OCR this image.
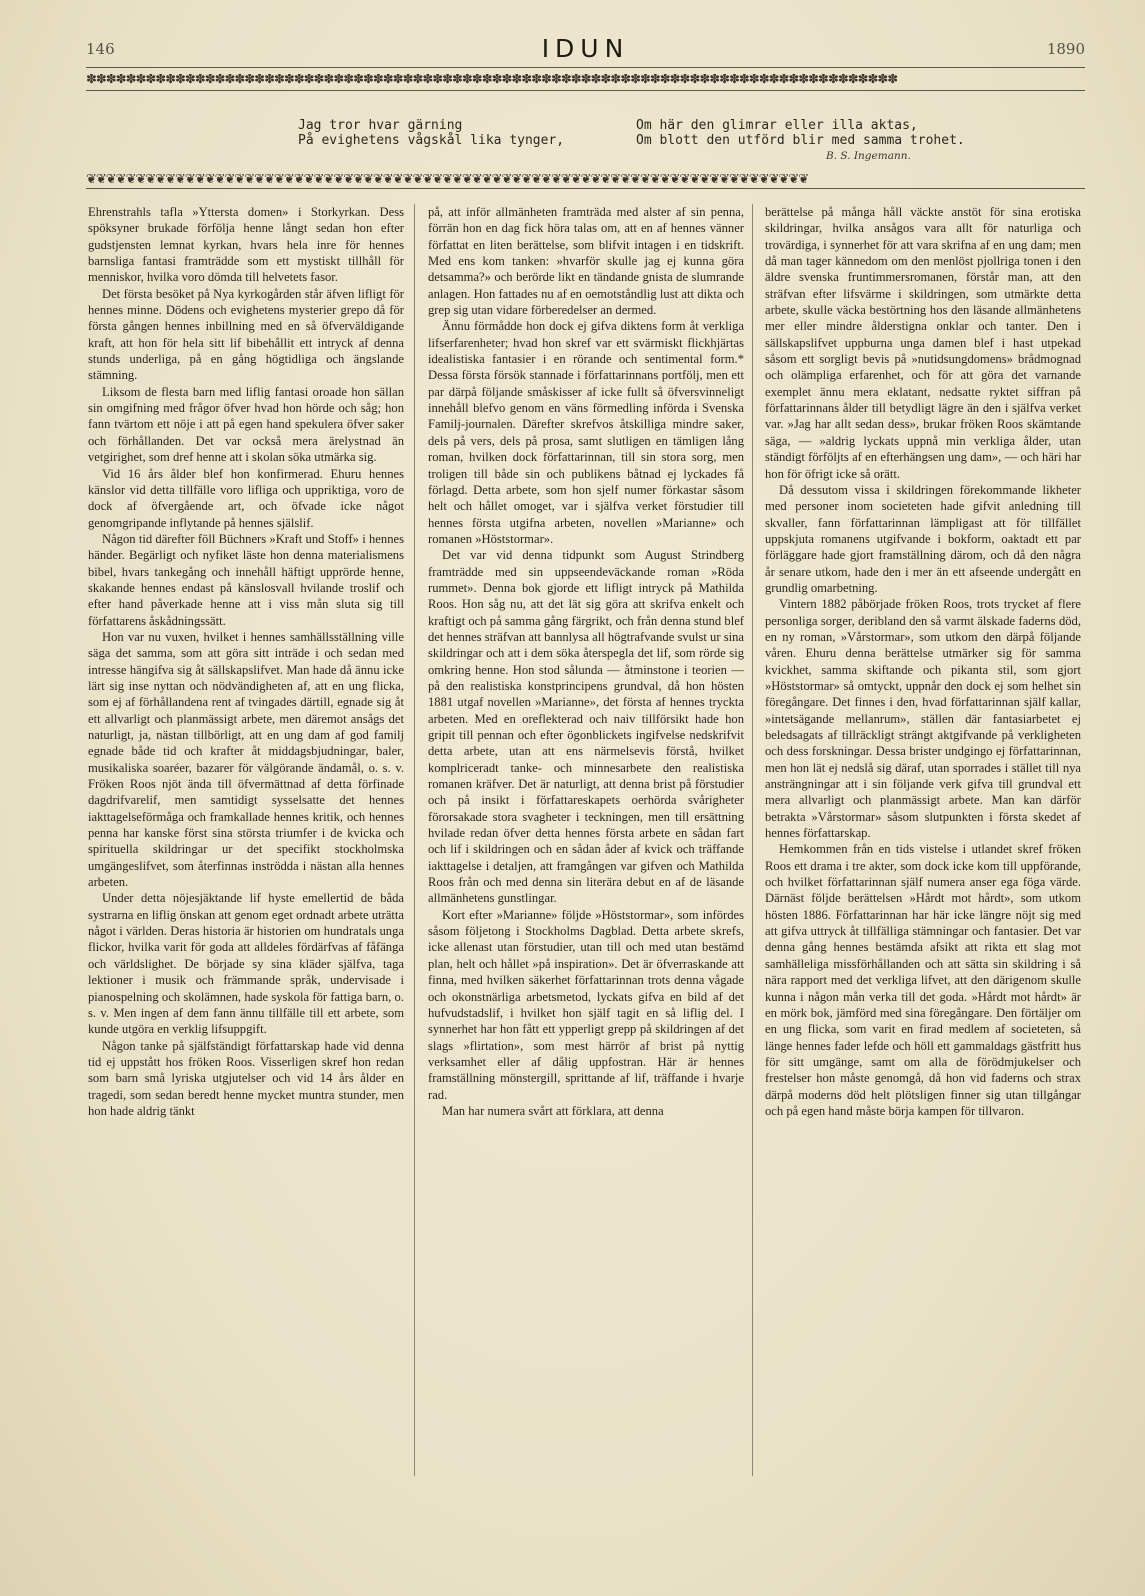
146	IDUN	1890
✽✽✽✽✽✽✽✽✽✽✽✽✽✽✽✽✽✽✽✽✽✽✽✽✽✽✽✽✽✽✽✽✽✽✽✽✽✽✽✽✽✽✽✽✽✽✽✽✽✽✽✽✽✽✽✽✽✽✽✽✽✽✽✽✽✽✽✽✽✽✽✽✽✽✽✽✽✽✽✽✽✽
Jag tror hvar gärning
På evighetens vågskål lika tynger,
Om här den glimrar eller illa aktas,
Om blott den utförd blir med samma trohet.
B. S. Ingemann.
❦❦❦❦❦❦❦❦❦❦❦❦❦❦❦❦❦❦❦❦❦❦❦❦❦❦❦❦❦❦❦❦❦❦❦❦❦❦❦❦❦❦❦❦❦❦❦❦❦❦❦❦❦❦❦❦❦❦❦❦❦❦❦❦❦❦❦❦❦❦❦❦❦

Ehrenstrahls tafla »Yttersta domen» i Storkyrkan. Dess spöksyner brukade förfölja henne långt sedan hon efter gudstjensten lemnat kyrkan, hvars hela inre för hennes barnsliga fantasi framträdde som ett mystiskt tillhåll för menniskor, hvilka voro dömda till helvetets fasor.

Det första besöket på Nya kyrkogården står äfven lifligt för hennes minne. Dödens och evighetens mysterier grepo då för första gången hennes inbillning med en så öfverväldigande kraft, att hon för hela sitt lif bibehållit ett intryck af denna stunds underliga, på en gång högtidliga och ängslande stämning.

Liksom de flesta barn med liflig fantasi oroade hon sällan sin omgifning med frågor öfver hvad hon hörde och såg; hon fann tvärtom ett nöje i att på egen hand spekulera öfver saker och förhållanden. Det var också mera ärelystnad än vetgirighet, som dref henne att i skolan söka utmärka sig.

Vid 16 års ålder blef hon konfirmerad. Ehuru hennes känslor vid detta tillfälle voro lifliga och uppriktiga, voro de dock af öfvergående art, och öfvade icke något genomgripande inflytande på hennes själslif.

Någon tid därefter föll Büchners »Kraft und Stoff» i hennes händer. Begärligt och nyfiket läste hon denna materialismens bibel, hvars tankegång och innehåll häftigt upprörde henne, skakande hennes endast på känslosvall hvilande troslif och efter hand påverkade henne att i viss mån sluta sig till författarens åskådningssätt.

Hon var nu vuxen, hvilket i hennes samhällsställning ville säga det samma, som att göra sitt inträde i och sedan med intresse hängifva sig åt sällskapslifvet. Man hade då ännu icke lärt sig inse nyttan och nödvändigheten af, att en ung flicka, som ej af förhållandena rent af tvingades därtill, egnade sig åt ett allvarligt och planmässigt arbete, men däremot ansågs det naturligt, ja, nästan tillbörligt, att en ung dam af god familj egnade både tid och krafter åt middagsbjudningar, baler, musikaliska soaréer, bazarer för välgörande ändamål, o. s. v. Fröken Roos njöt ända till öfvermättnad af detta förfinade dagdrifvarelif, men samtidigt sysselsatte det hennes iakttagelseförmåga och framkallade hennes kritik, och hennes penna har kanske först sina största triumfer i de kvicka och spirituella skildringar ur det specifikt stockholmska umgängeslifvet, som återfinnas inströdda i nästan alla hennes arbeten.

Under detta nöjesjäktande lif hyste emellertid de båda systrarna en liflig önskan att genom eget ordnadt arbete uträtta något i världen. Deras historia är historien om hundratals unga flickor, hvilka varit för goda att alldeles fördärfvas af fåfänga och världslighet. De började sy sina kläder själfva, taga lektioner i musik och främmande språk, undervisade i pianospelning och skolämnen, hade syskola för fattiga barn, o. s. v. Men ingen af dem fann ännu tillfälle till ett arbete, som kunde utgöra en verklig lifsuppgift.

Någon tanke på själfständigt författarskap hade vid denna tid ej uppstått hos fröken Roos. Visserligen skref hon redan som barn små lyriska utgjutelser och vid 14 års ålder en tragedi, som sedan beredt henne mycket muntra stunder, men hon hade aldrig tänkt

på, att inför allmänheten framträda med alster af sin penna, förrän hon en dag fick höra talas om, att en af hennes vänner författat en liten berättelse, som blifvit intagen i en tidskrift. Med ens kom tanken: »hvarför skulle jag ej kunna göra detsamma?» och berörde likt en tändande gnista de slumrande anlagen. Hon fattades nu af en oemotståndlig lust att dikta och grep sig utan vidare förberedelser an dermed.

Ännu förmådde hon dock ej gifva diktens form åt verkliga lifserfarenheter; hvad hon skref var ett svärmiskt flickhjärtas idealistiska fantasier i en rörande och sentimental form.* Dessa första försök stannade i författarinnans portfölj, men ett par därpå följande småskisser af icke fullt så öfversvinneligt innehåll blefvo genom en väns förmedling införda i Svenska Familj-journalen. Därefter skrefvos åtskilliga mindre saker, dels på vers, dels på prosa, samt slutligen en tämligen lång roman, hvilken dock författarinnan, till sin stora sorg, men troligen till både sin och publikens båtnad ej lyckades få förlagd. Detta arbete, som hon sjelf numer förkastar såsom helt och hållet omoget, var i själfva verket förstudier till hennes första utgifna arbeten, novellen »Marianne» och romanen »Höststormar».

Det var vid denna tidpunkt som August Strindberg framträdde med sin uppseendeväckande roman »Röda rummet». Denna bok gjorde ett lifligt intryck på Mathilda Roos. Hon såg nu, att det lät sig göra att skrifva enkelt och kraftigt och på samma gång färgrikt, och från denna stund blef det hennes sträfvan att bannlysa all högtrafvande svulst ur sina skildringar och att i dem söka återspegla det lif, som rörde sig omkring henne. Hon stod sålunda — åtminstone i teorien — på den realistiska konstprincipens grundval, då hon hösten 1881 utgaf novellen »Marianne», det första af hennes tryckta arbeten. Med en oreflekterad och naiv tillförsikt hade hon gripit till pennan och efter ögonblickets ingifvelse nedskrifvit detta arbete, utan att ens närmelsevis förstå, hvilket komplriceradt tanke- och minnesarbete den realistiska romanen kräfver. Det är naturligt, att denna brist på förstudier och på insikt i författareskapets oerhörda svårigheter förorsakade stora svagheter i teckningen, men till ersättning hvilade redan öfver detta hennes första arbete en sådan fart och lif i skildringen och en sådan åder af kvick och träffande iakttagelse i detaljen, att framgången var gifven och Mathilda Roos från och med denna sin literära debut en af de läsande allmänhetens gunstlingar.

Kort efter »Marianne» följde »Höststormar», som infördes såsom följetong i Stockholms Dagblad. Detta arbete skrefs, icke allenast utan förstudier, utan till och med utan bestämd plan, helt och hållet »på inspiration». Det är öfverraskande att finna, med hvilken säkerhet författarinnan trots denna vågade och okonstnärliga arbetsmetod, lyckats gifva en bild af det hufvudstadslif, i hvilket hon själf tagit en så liflig del. I synnerhet har hon fått ett ypperligt grepp på skildringen af det slags »flirtation», som mest härrör af brist på nyttig verksamhet eller af dålig uppfostran. Här är hennes framställning mönstergill, sprittande af lif, träffande i hvarje rad.

Man har numera svårt att förklara, att denna

berättelse på många håll väckte anstöt för sina erotiska skildringar, hvilka ansågos vara allt för naturliga och trovärdiga, i synnerhet för att vara skrifna af en ung dam; men då man tager kännedom om den menlöst pjollriga tonen i den äldre svenska fruntimmersromanen, förstår man, att den sträfvan efter lifsvärme i skildringen, som utmärkte detta arbete, skulle väcka bestörtning hos den läsande allmänhetens mer eller mindre ålderstigna onklar och tanter. Den i sällskapslifvet uppburna unga damen blef i hast utpekad såsom ett sorgligt bevis på »nutidsungdomens» brådmognad och olämpliga erfarenhet, och för att göra det varnande exemplet ännu mera eklatant, nedsatte ryktet siffran på författarinnans ålder till betydligt lägre än den i själfva verket var. »Jag har allt sedan dess», brukar fröken Roos skämtande säga, — »aldrig lyckats uppnå min verkliga ålder, utan ständigt förföljts af en efterhängsen ung dam», — och häri har hon för öfrigt icke så orätt.

Då dessutom vissa i skildringen förekommande likheter med personer inom societeten hade gifvit anledning till skvaller, fann författarinnan lämpligast att för tillfället uppskjuta romanens utgifvande i bokform, oaktadt ett par förläggare hade gjort framställning därom, och då den några år senare utkom, hade den i mer än ett afseende undergått en grundlig omarbetning.

Vintern 1882 påbörjade fröken Roos, trots trycket af flere personliga sorger, deribland den så varmt älskade faderns död, en ny roman, »Vårstormar», som utkom den därpå följande våren. Ehuru denna berättelse utmärker sig för samma kvickhet, samma skiftande och pikanta stil, som gjort »Höststormar» så omtyckt, uppnår den dock ej som helhet sin föregångare. Det finnes i den, hvad författarinnan själf kallar, »intetsägande mellanrum», ställen där fantasiarbetet ej beledsagats af tillräckligt strängt aktgifvande på verkligheten och dess forskningar. Dessa brister undgingo ej författarinnan, men hon lät ej nedslå sig däraf, utan sporrades i stället till nya ansträngningar att i sin följande verk gifva till grundval ett mera allvarligt och planmässigt arbete. Man kan därför betrakta »Vårstormar» såsom slutpunkten i första skedet af hennes författarskap.

Hemkommen från en tids vistelse i utlandet skref fröken Roos ett drama i tre akter, som dock icke kom till uppförande, och hvilket författarinnan själf numera anser ega föga värde. Därnäst följde berättelsen »Hårdt mot hårdt», som utkom hösten 1886. Författarinnan har här icke längre nöjt sig med att gifva uttryck åt tillfälliga stämningar och fantasier. Det var denna gång hennes bestämda afsikt att rikta ett slag mot samhälleliga missförhållanden och att sätta sin skildring i så nära rapport med det verkliga lifvet, att den därigenom skulle kunna i någon mån verka till det goda. »Hårdt mot hårdt» är en mörk bok, jämförd med sina föregångare. Den förtäljer om en ung flicka, som varit en firad medlem af societeten, så länge hennes fader lefde och höll ett gammaldags gästfritt hus för sitt umgänge, samt om alla de förödmjukelser och frestelser hon måste genomgå, då hon vid faderns och strax därpå moderns död helt plötsligen finner sig utan tillgångar och på egen hand måste börja kampen för tillvaron.
